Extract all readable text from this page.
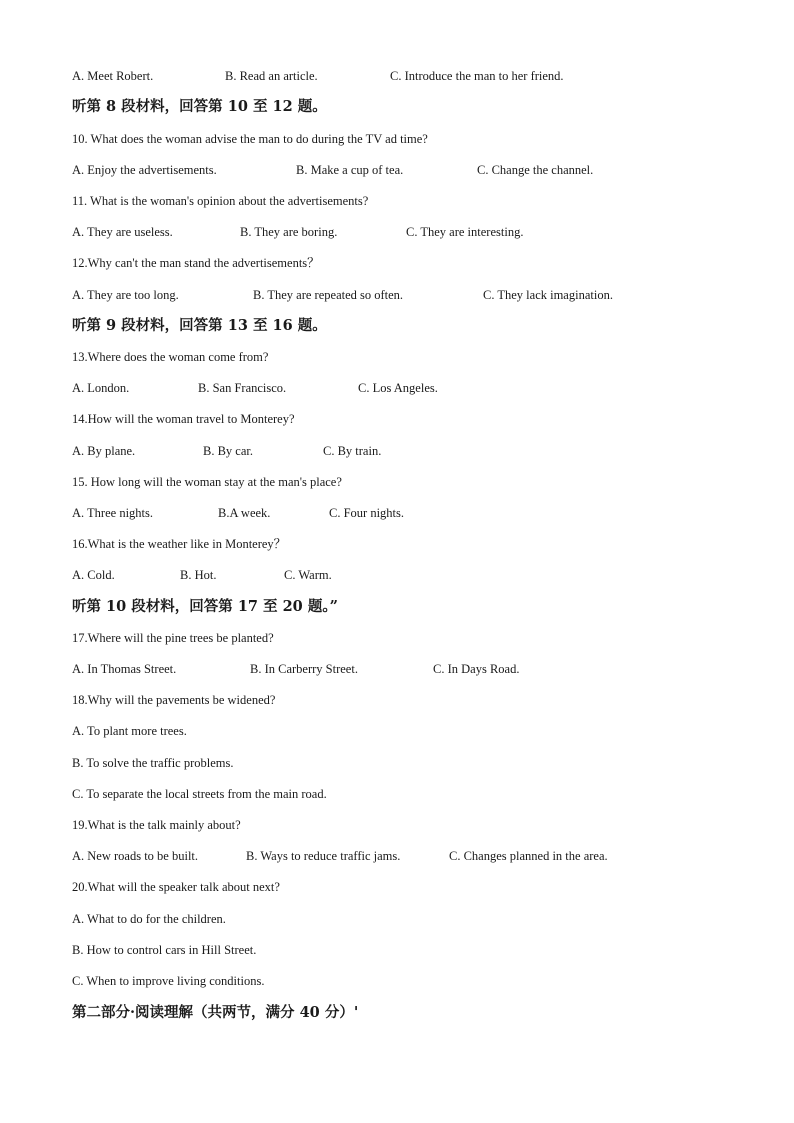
A. Meet Robert.	B. Read an article.	C. Introduce the man to her friend.
听第 8 段材料，回答第 10 至 12 题。
10. What does the woman advise the man to do during the TV ad time?
A. Enjoy the advertisements.	B. Make a cup of tea.	C. Change the channel.
11. What is the woman's opinion about the advertisements?
A. They are useless.	B. They are boring.	C. They are interesting.
12.Why can't the man stand the advertisements？
A. They are too long.	B. They are repeated so often.	C. They lack imagination.
听第 9 段材料，回答第 13 至 16 题。
13.Where does the woman come from?
A. London.	B. San Francisco.	C. Los Angeles.
14.How will the woman travel to Monterey?
A. By plane.	B. By car.	C. By train.
15. How long will the woman stay at the man's place?
A. Three nights.	B.A week.	C. Four nights.
16.What is the weather like in Monterey？
A. Cold.	B. Hot.	C. Warm.
听第 10 段材料，回答第 17 至 20 题。”
17.Where will the pine trees be planted?
A. In Thomas Street.	B. In Carberry Street.	C. In Days Road.
18.Why will the pavements be widened?
A. To plant more trees.
B. To solve the traffic problems.
C. To separate the local streets from the main road.
19.What is the talk mainly about?
A. New roads to be built.	B. Ways to reduce traffic jams.	C. Changes planned in the area.
20.What will the speaker talk about next?
A. What to do for the children.
B. How to control cars in Hill Street.
C. When to improve living conditions.
第二部分·阅读理解（共两节，满分 40 分）'
